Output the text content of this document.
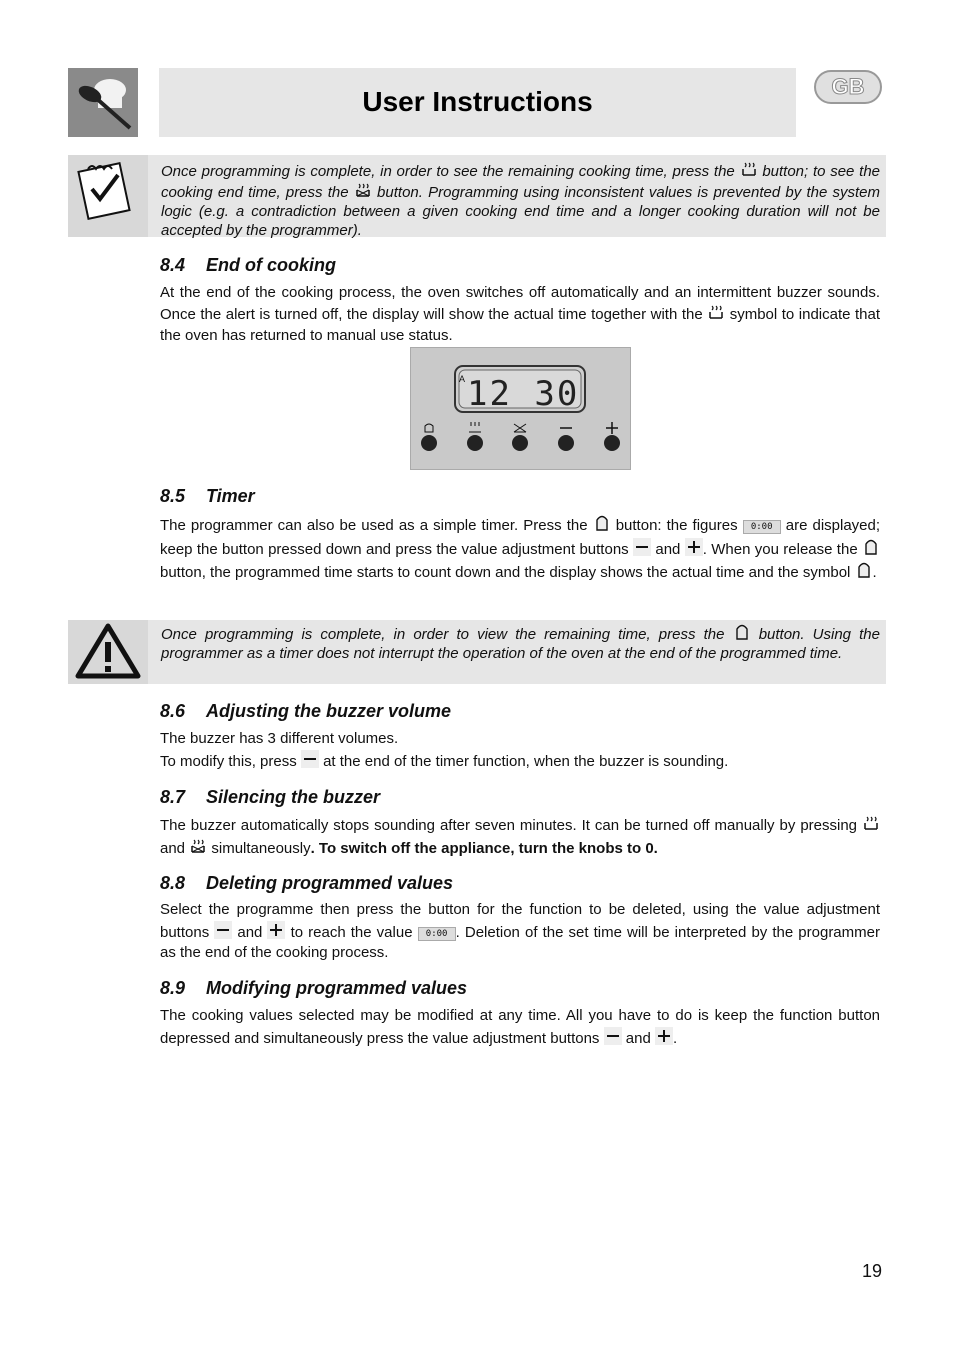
User Instructions	GB

Once programming is complete, in order to see the remaining cooking time, press the button; to see the cooking end time, press the button. Programming using inconsistent values is prevented by the system logic (e.g. a contradiction between a given cooking end time and a longer cooking duration will not be accepted by the programmer).

8.4 End of cooking

At the end of the cooking process, the oven switches off automatically and an intermittent buzzer sounds. Once the alert is turned off, the display will show the actual time together with the symbol to indicate that the oven has returned to manual use status.

A 12 30
8.5 Timer

The programmer can also be used as a simple timer. Press the button: the figures 0:00 are displayed; keep the button pressed down and press the value adjustment buttons and . When you release the  button, the programmed time starts to count down and the display shows the actual time and the symbol .

Once programming is complete, in order to view the remaining time, press the button. Using the programmer as a timer does not interrupt the operation of the oven at the end of the programmed time.

8.6 Adjusting the buzzer volume

The buzzer has 3 different volumes.

To modify this, press at the end of the timer function, when the buzzer is sounding.

8.7 Silencing the buzzer

The buzzer automatically stops sounding after seven minutes. It can be turned off manually by pressing  and simultaneously. To switch off the appliance, turn the knobs to 0.

8.8 Deleting programmed values

Select the programme then press the button for the function to be deleted, using the value adjustment buttons and to reach the value 0:00 . Deletion of the set time will be interpreted by the programmer as the end of the cooking process.

8.9 Modifying programmed values

The cooking values selected may be modified at any time. All you have to do is keep the function button depressed and simultaneously press the value adjustment buttons and .

19
